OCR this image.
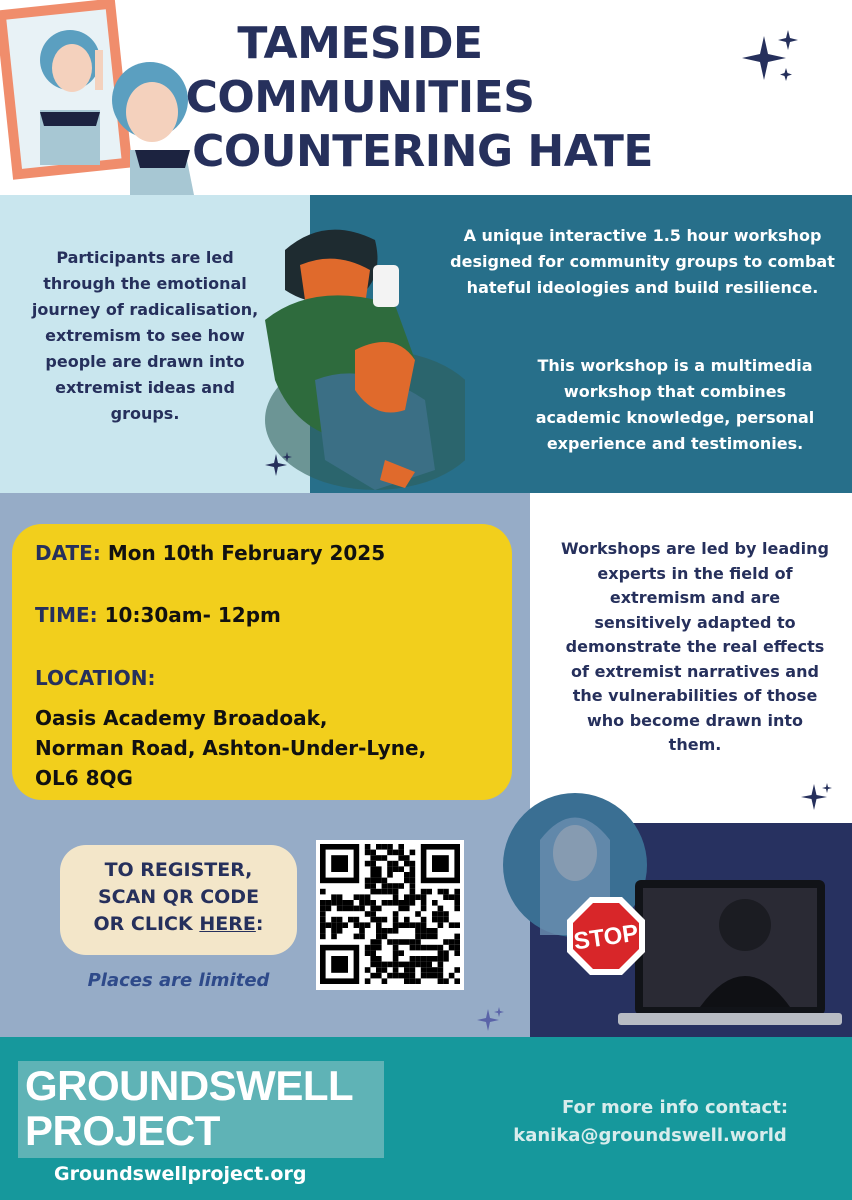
TAMESIDE
COMMUNITIES
COUNTERING HATE
Participants are led through the emotional journey of radicalisation, extremism to see how people are drawn into extremist ideas and groups.
A unique interactive 1.5 hour workshop designed for community groups to combat hateful ideologies and build resilience.
This workshop is a multimedia workshop that combines academic knowledge, personal experience and testimonies.
DATE: Mon 10th February 2025
TIME: 10:30am- 12pm
LOCATION:
Oasis Academy Broadoak,
Norman Road, Ashton-Under-Lyne,
OL6 8QG
Workshops are led by leading experts in the field of extremism and are sensitively adapted to demonstrate the real effects of extremist narratives and the vulnerabilities of those who become drawn into them.
TO REGISTER,
SCAN QR CODE
OR CLICK HERE:
Places are limited
STOP
GROUNDSWELL
PROJECT
Groundswellproject.org
For more info contact:
kanika@groundswell.world
